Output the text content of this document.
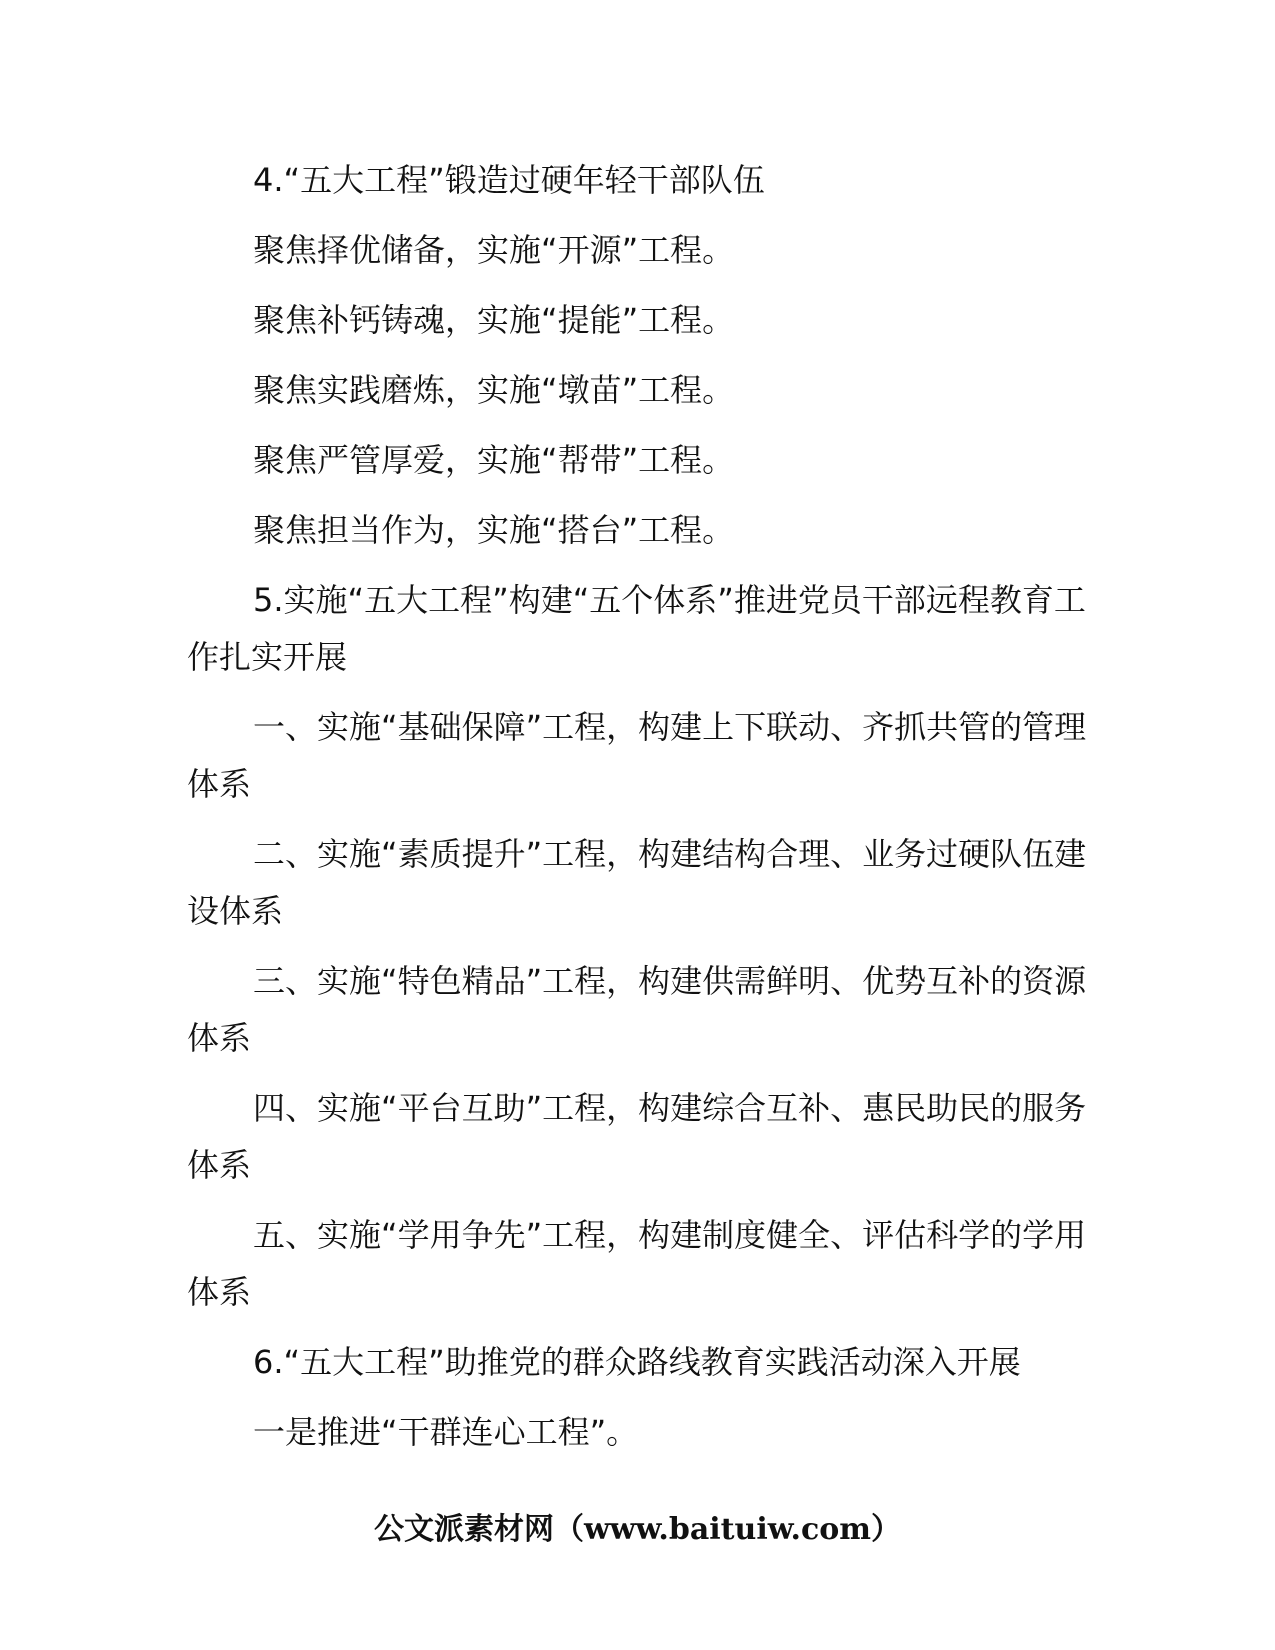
4.“五大工程”锻造过硬年轻干部队伍

聚焦择优储备，实施“开源”工程。

聚焦补钙铸魂，实施“提能”工程。

聚焦实践磨炼，实施“墩苗”工程。

聚焦严管厚爱，实施“帮带”工程。

聚焦担当作为，实施“搭台”工程。

5.实施“五大工程”构建“五个体系”推进党员干部远程教育工作扎实开展

一、实施“基础保障”工程，构建上下联动、齐抓共管的管理体系

二、实施“素质提升”工程，构建结构合理、业务过硬队伍建设体系

三、实施“特色精品”工程，构建供需鲜明、优势互补的资源体系

四、实施“平台互助”工程，构建综合互补、惠民助民的服务体系

五、实施“学用争先”工程，构建制度健全、评估科学的学用体系

6.“五大工程”助推党的群众路线教育实践活动深入开展

一是推进“干群连心工程”。

公文派素材网（www.baituiw.com）
